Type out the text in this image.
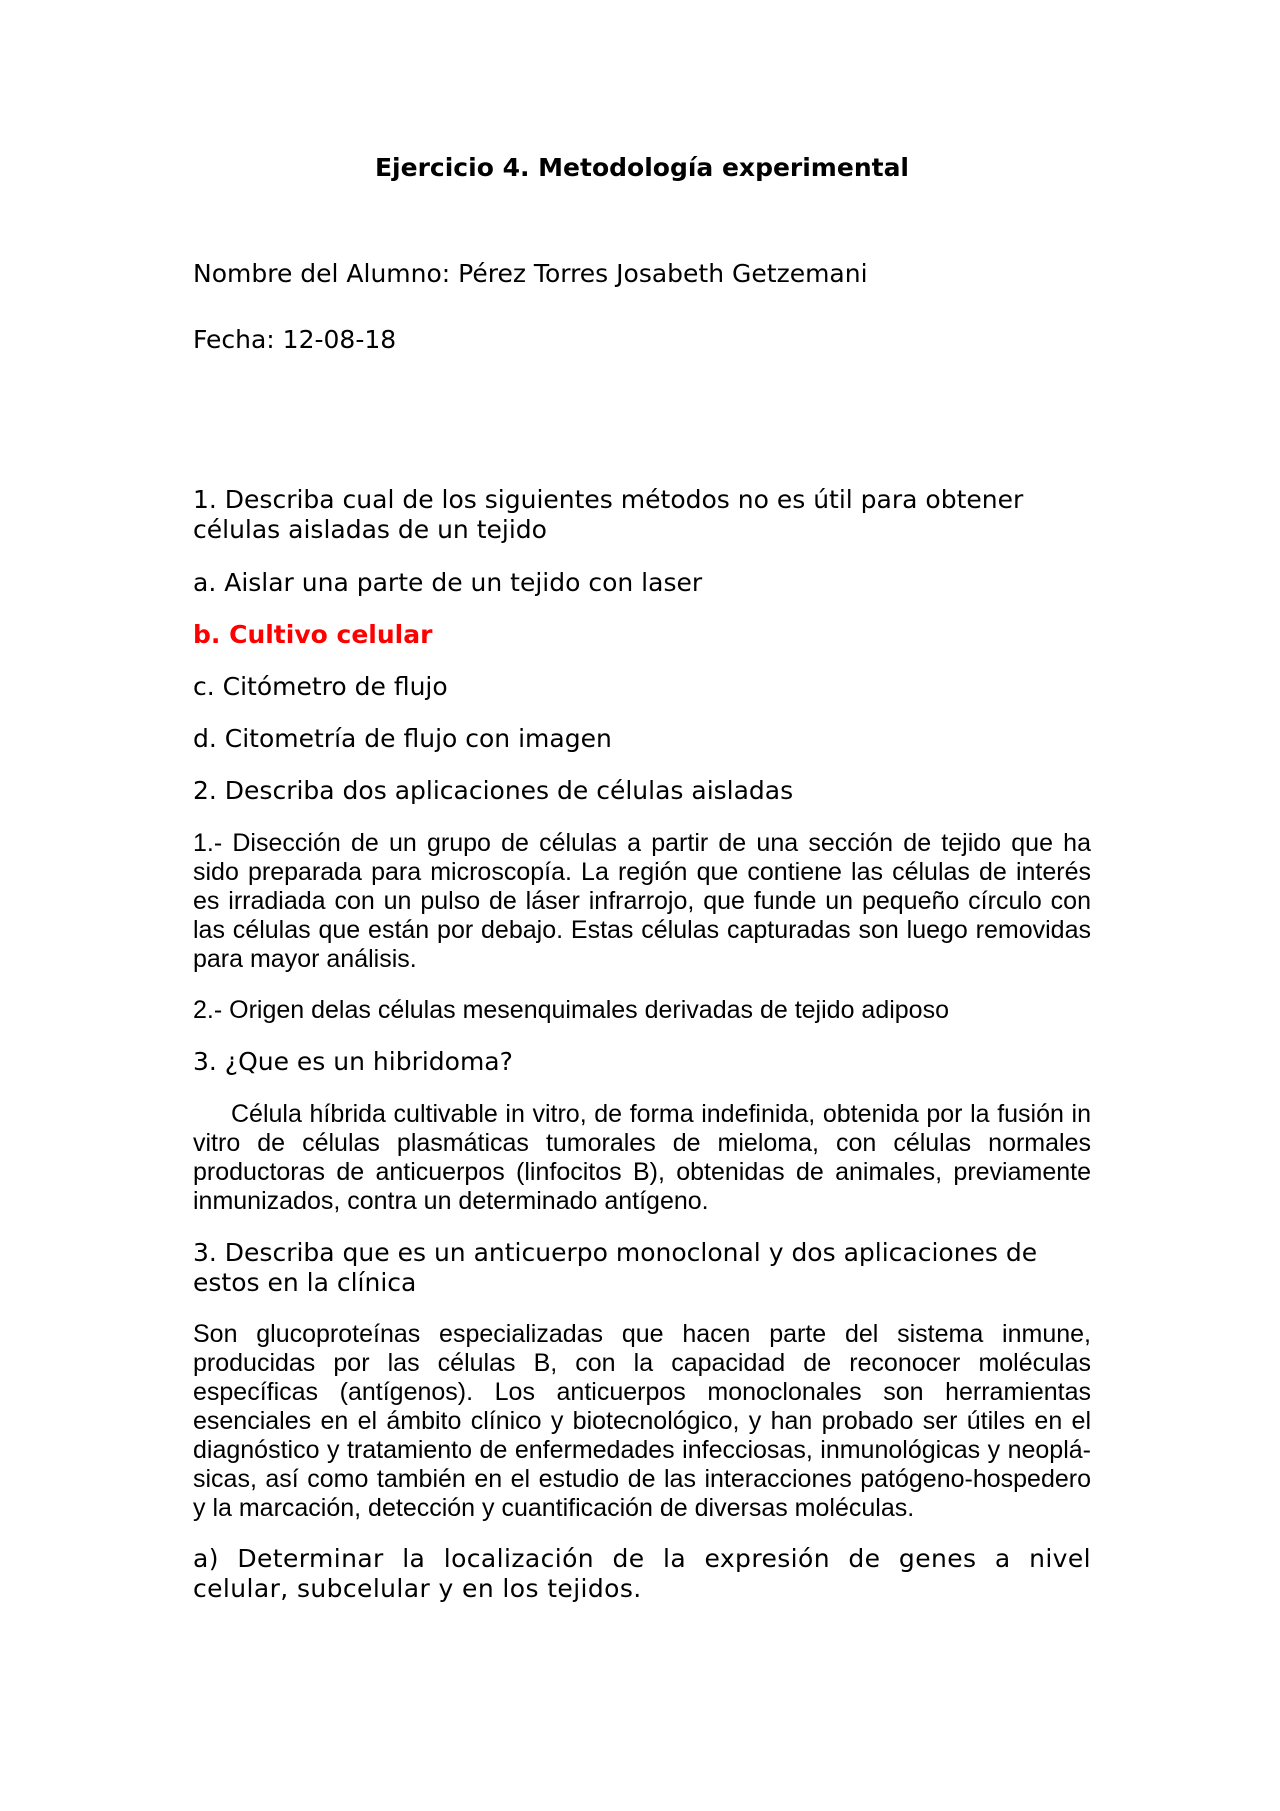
Ejercicio 4. Metodología experimental

Nombre del Alumno: Pérez Torres Josabeth Getzemani

Fecha: 12-08-18

1. Describa cual de los siguientes métodos no es útil para obtener células aisladas de un tejido

a. Aislar una parte de un tejido con laser

b. Cultivo celular

c. Citómetro de flujo

d. Citometría de flujo con imagen

2. Describa dos aplicaciones de células aisladas

1.- Disección de un grupo de células a partir de una sección de tejido que ha sido preparada para microscopía. La región que contiene las células de interés es irradiada con un pulso de láser infrarrojo, que funde un pequeño círculo con las células que están por debajo. Estas células capturadas son luego removidas para mayor análisis.

2.- Origen delas células mesenquimales derivadas de tejido adiposo

3. ¿Que es un hibridoma?

Célula híbrida cultivable in vitro, de forma indefinida, obtenida por la fusión in vitro de células plasmáticas tumorales de mieloma, con células normales productoras de anticuerpos (linfocitos B), obtenidas de animales, previamente inmunizados, contra un determinado antígeno.

3. Describa que es un anticuerpo monoclonal y dos aplicaciones de estos en la clínica

Son glucoproteínas especializadas que hacen parte del sistema inmune, producidas por las células B, con la capacidad de reconocer moléculas específicas (antígenos). Los anticuerpos monoclonales son herramientas esenciales en el ámbito clínico y biotecnológico, y han probado ser útiles en el diagnóstico y tratamiento de enfermedades infecciosas, inmunológicas y neoplá-sicas, así como también en el estudio de las interacciones patógeno-hospedero y la marcación, detección y cuantificación de diversas moléculas.

a) Determinar la localización de la expresión de genes a nivel celular, subcelular y en los tejidos.
